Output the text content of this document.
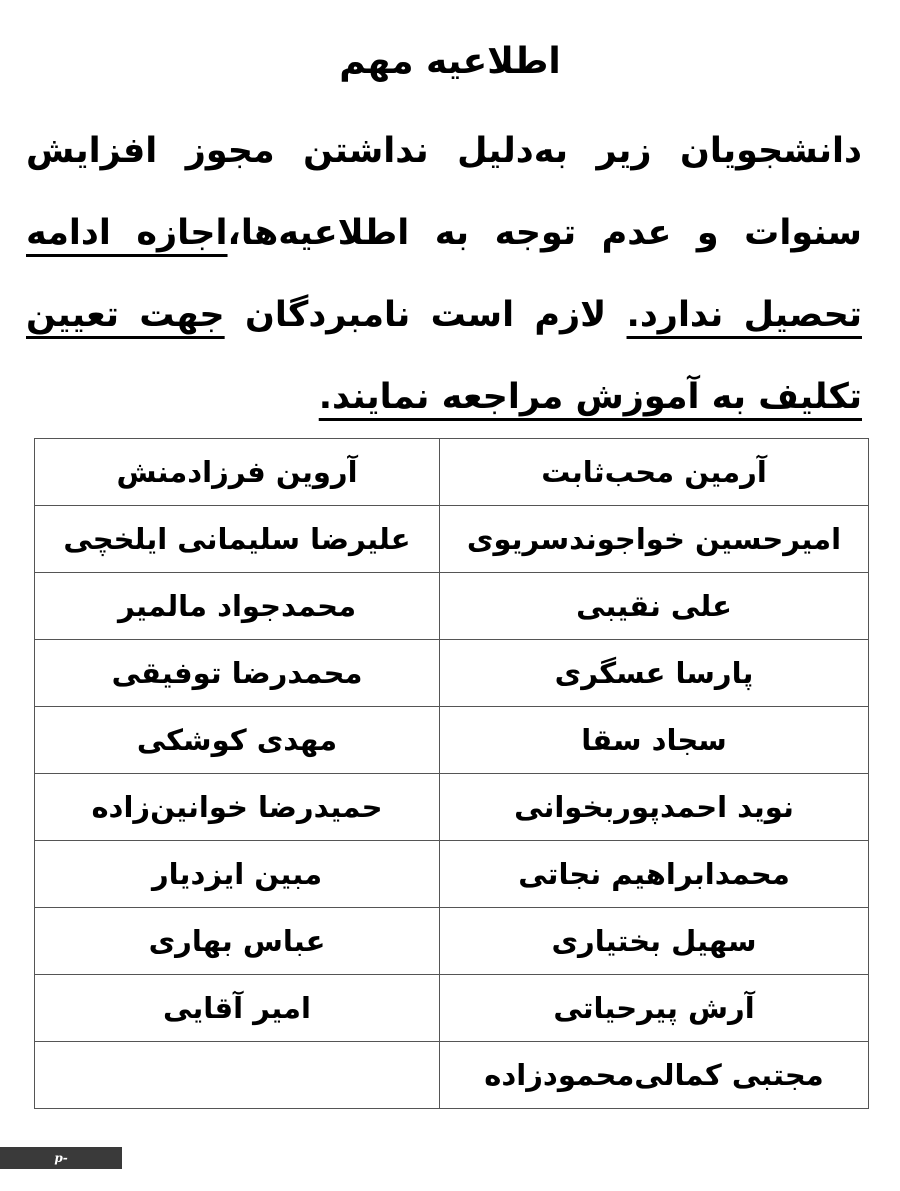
اطلاعیه مهم
دانشجویان زیر به‌دلیل نداشتن مجوز افزایش
سنوات و عدم توجه به اطلاعیه‌ها،اجازه ادامه
تحصیل ندارد. لازم است نامبردگان جهت تعیین
تکلیف به آموزش مراجعه نمایند.
آرمین محب‌ثابت	آروین فرزادمنش
امیرحسین خواجوندسریوی	علیرضا سلیمانی ایلخچی
علی نقیبی	محمدجواد مالمیر
پارسا عسگری	محمدرضا توفیقی
سجاد سقا	مهدی کوشکی
نوید احمدپوربخوانی	حمیدرضا خوانین‌زاده
محمدابراهیم نجاتی	مبین ایزدیار
سهیل بختیاری	عباس بهاری
آرش پیرحیاتی	امیر آقایی
مجتبی کمالی‌محمودزاده	
p-safadasht.nus.ac.ir
